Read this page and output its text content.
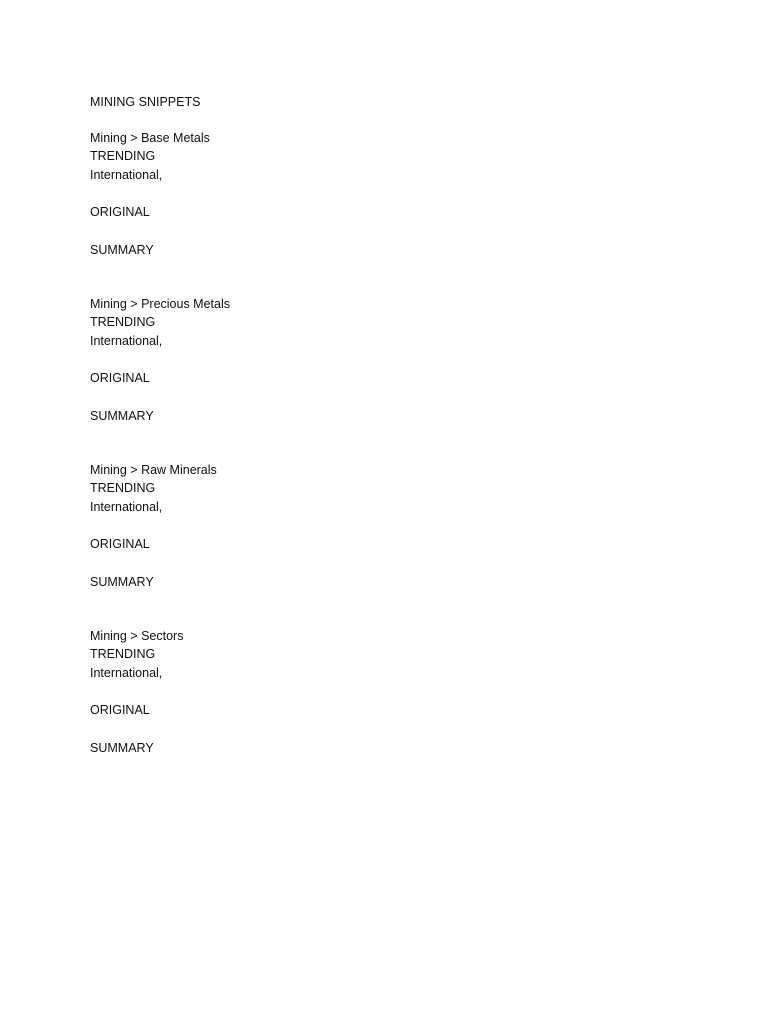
MINING SNIPPETS
Mining > Base Metals
TRENDING
International,
ORIGINAL
SUMMARY
Mining > Precious Metals
TRENDING
International,
ORIGINAL
SUMMARY
Mining > Raw Minerals
TRENDING
International,
ORIGINAL
SUMMARY
Mining > Sectors
TRENDING
International,
ORIGINAL
SUMMARY
